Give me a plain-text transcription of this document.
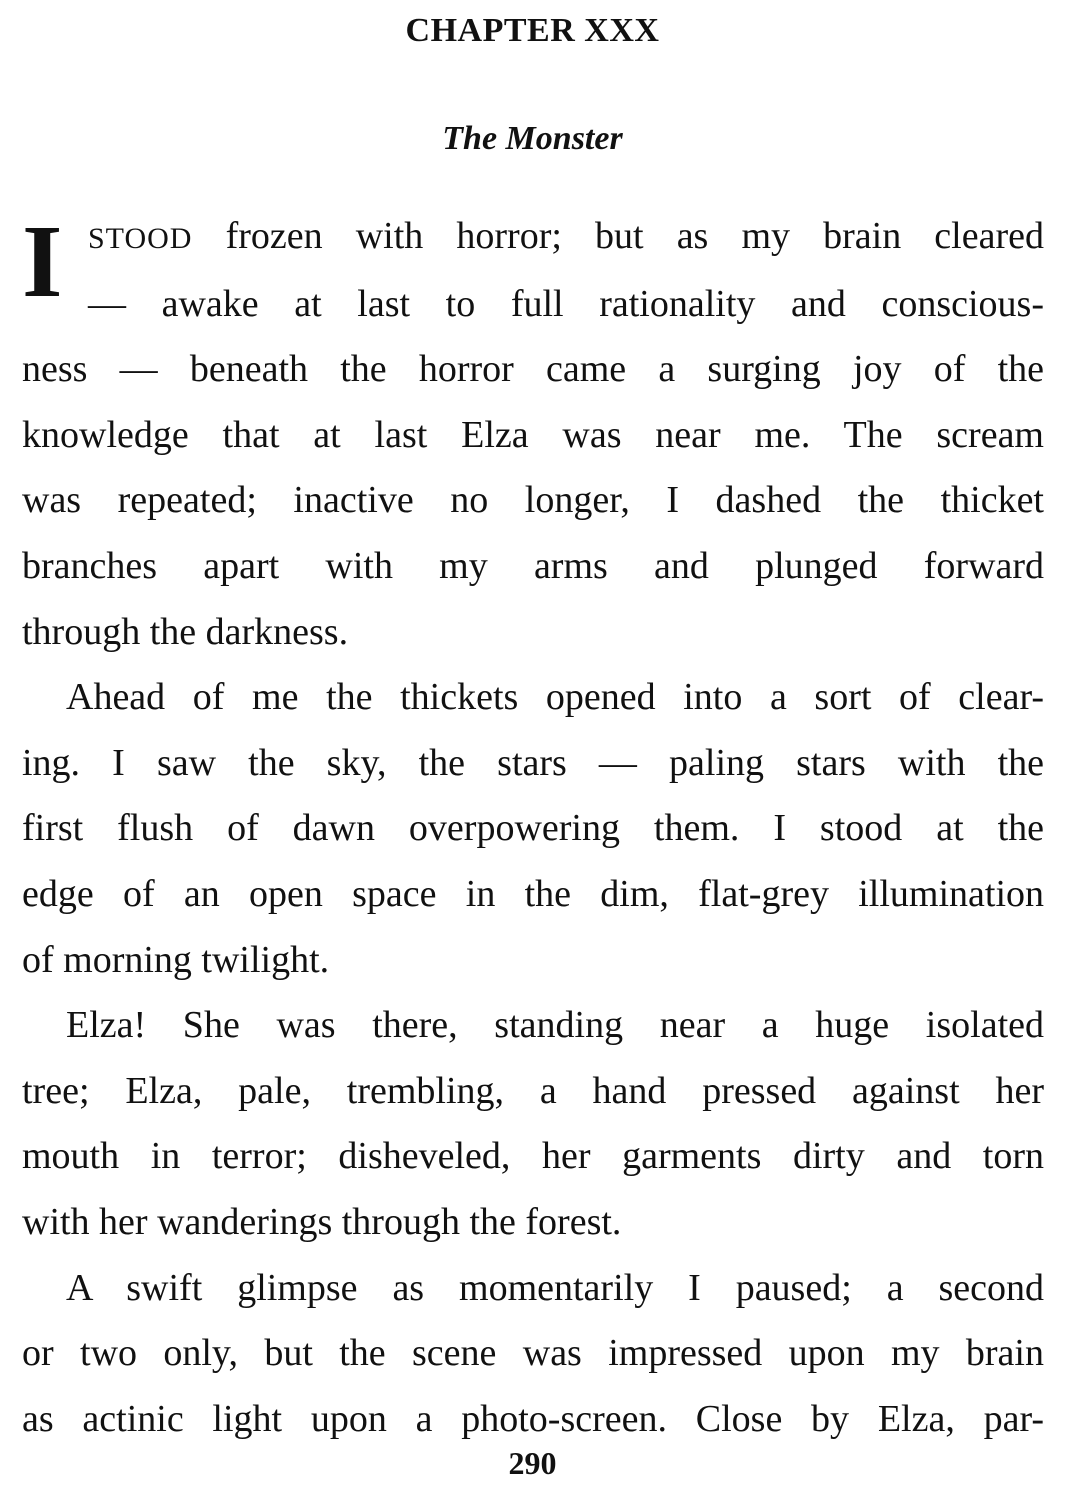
CHAPTER XXX
The Monster

I STOOD frozen with horror; but as my brain cleared
— awake at last to full rationality and conscious-
ness — beneath the horror came a surging joy of the
knowledge that at last Elza was near me. The scream
was repeated; inactive no longer, I dashed the thicket
branches apart with my arms and plunged forward
through the darkness.

Ahead of me the thickets opened into a sort of clear-
ing. I saw the sky, the stars — paling stars with the
first flush of dawn overpowering them. I stood at the
edge of an open space in the dim, flat-grey illumination
of morning twilight.

Elza! She was there, standing near a huge isolated
tree; Elza, pale, trembling, a hand pressed against her
mouth in terror; disheveled, her garments dirty and torn
with her wanderings through the forest.

A swift glimpse as momentarily I paused; a second
or two only, but the scene was impressed upon my brain
as actinic light upon a photo-screen. Close by Elza, par-

290
